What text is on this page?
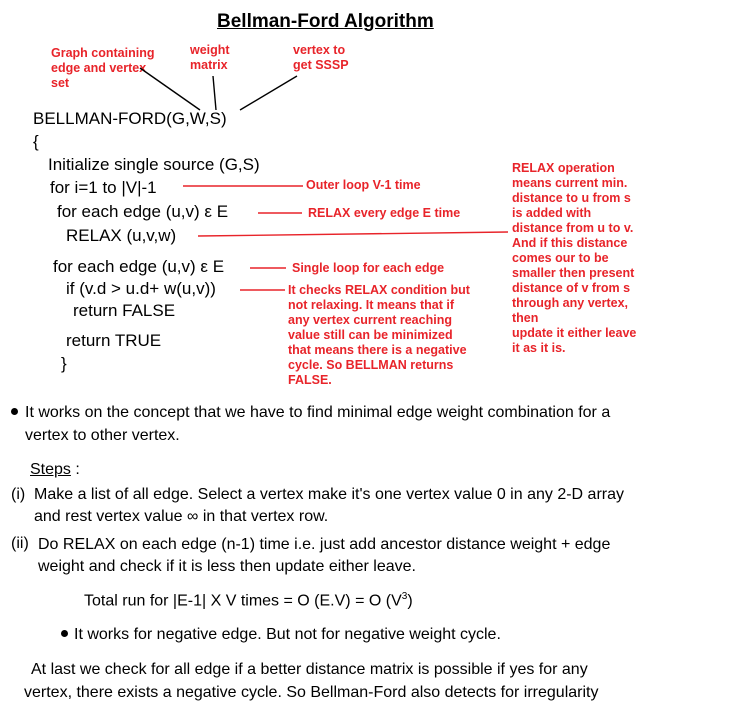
Bellman-Ford Algorithm
Graph containing
edge and vertex
set
weight
matrix
vertex to
get SSSP
Outer loop V-1 time
RELAX every edge E time
Single loop for each edge
It checks RELAX condition but
not relaxing. It means that if
any vertex current reaching
value still can be minimized
that means there is a negative
cycle. So BELLMAN returns
FALSE.
RELAX operation
means current min.
distance to u from s
is added with
distance from u to v.
And if this distance
comes our to be
smaller then present
distance of v from s
through any vertex,
then
update it either leave
it as it is.
BELLMAN-FORD(G,W,S)
{
Initialize single source (G,S)
for i=1 to |V|-1
for each edge (u,v) ε E
RELAX (u,v,w)
for each edge (u,v) ε E
if (v.d > u.d+ w(u,v))
return FALSE
return TRUE
}
It works on the concept that we have to find minimal edge weight combination for a
vertex to other vertex.
Steps :
(i) Make a list of all edge. Select a vertex make it's one vertex value 0 in any 2-D array
and rest vertex value ∞ in that vertex row.
(ii) Do RELAX on each edge (n-1) time i.e. just add ancestor distance weight + edge
weight and check if it is less then update either leave.
Total run for |E-1| X V times = O (E.V) = O $(V^3)$
It works for negative edge. But not for negative weight cycle.
At last we check for all edge if a better distance matrix is possible if yes for any
vertex, there exists a negative cycle. So Bellman-Ford also detects for irregularity
